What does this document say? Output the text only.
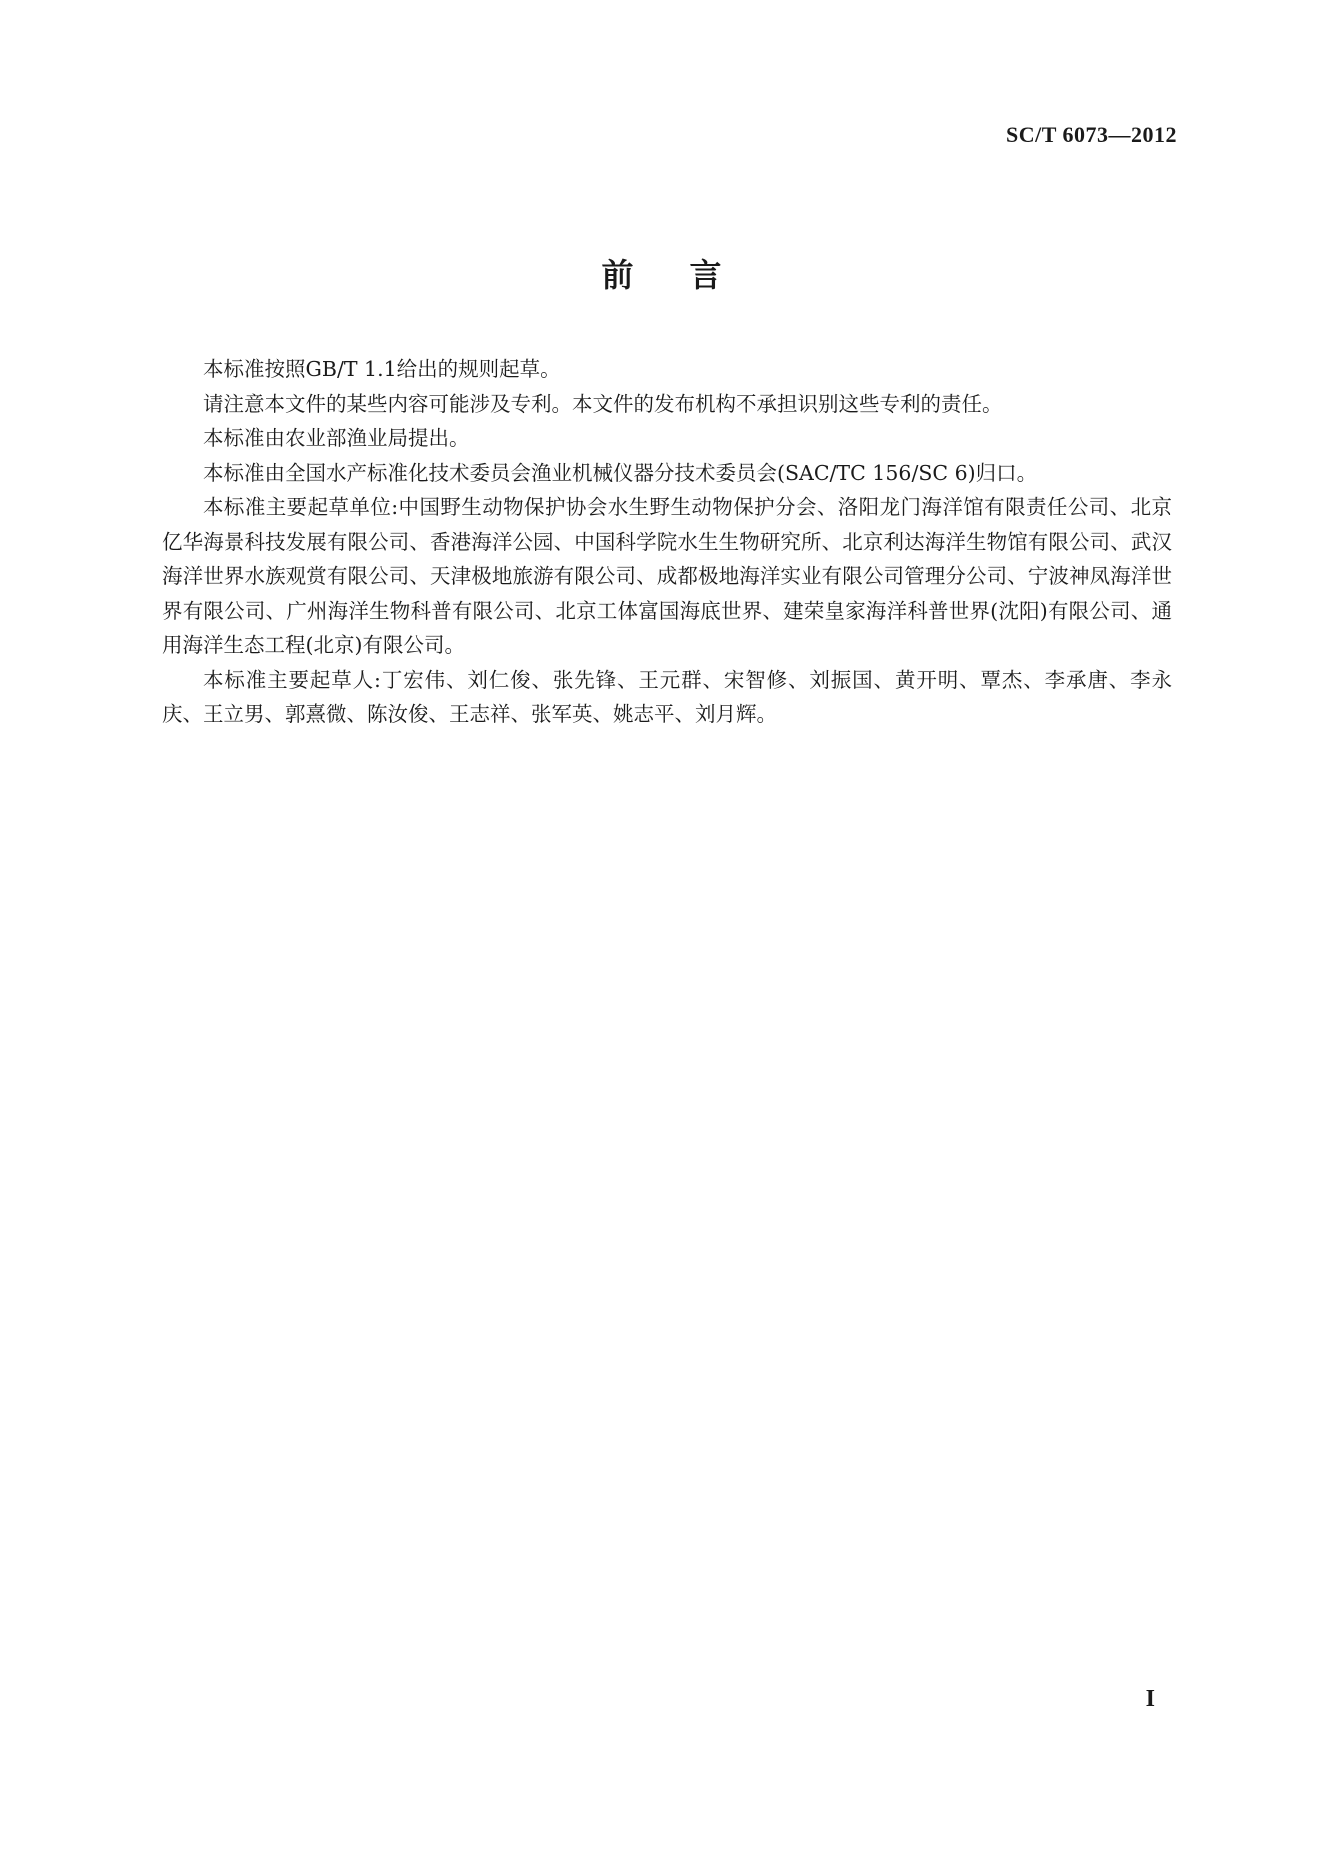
SC/T 6073—2012
前言

本标准按照GB/T 1.1给出的规则起草。

请注意本文件的某些内容可能涉及专利。本文件的发布机构不承担识别这些专利的责任。

本标准由农业部渔业局提出。

本标准由全国水产标准化技术委员会渔业机械仪器分技术委员会(SAC/TC 156/SC 6)归口。

本标准主要起草单位:中国野生动物保护协会水生野生动物保护分会、洛阳龙门海洋馆有限责任公司、北京亿华海景科技发展有限公司、香港海洋公园、中国科学院水生生物研究所、北京利达海洋生物馆有限公司、武汉海洋世界水族观赏有限公司、天津极地旅游有限公司、成都极地海洋实业有限公司管理分公司、宁波神凤海洋世界有限公司、广州海洋生物科普有限公司、北京工体富国海底世界、建荣皇家海洋科普世界(沈阳)有限公司、通用海洋生态工程(北京)有限公司。

本标准主要起草人:丁宏伟、刘仁俊、张先锋、王元群、宋智修、刘振国、黄开明、覃杰、李承唐、李永庆、王立男、郭熹微、陈汝俊、王志祥、张军英、姚志平、刘月辉。

I
